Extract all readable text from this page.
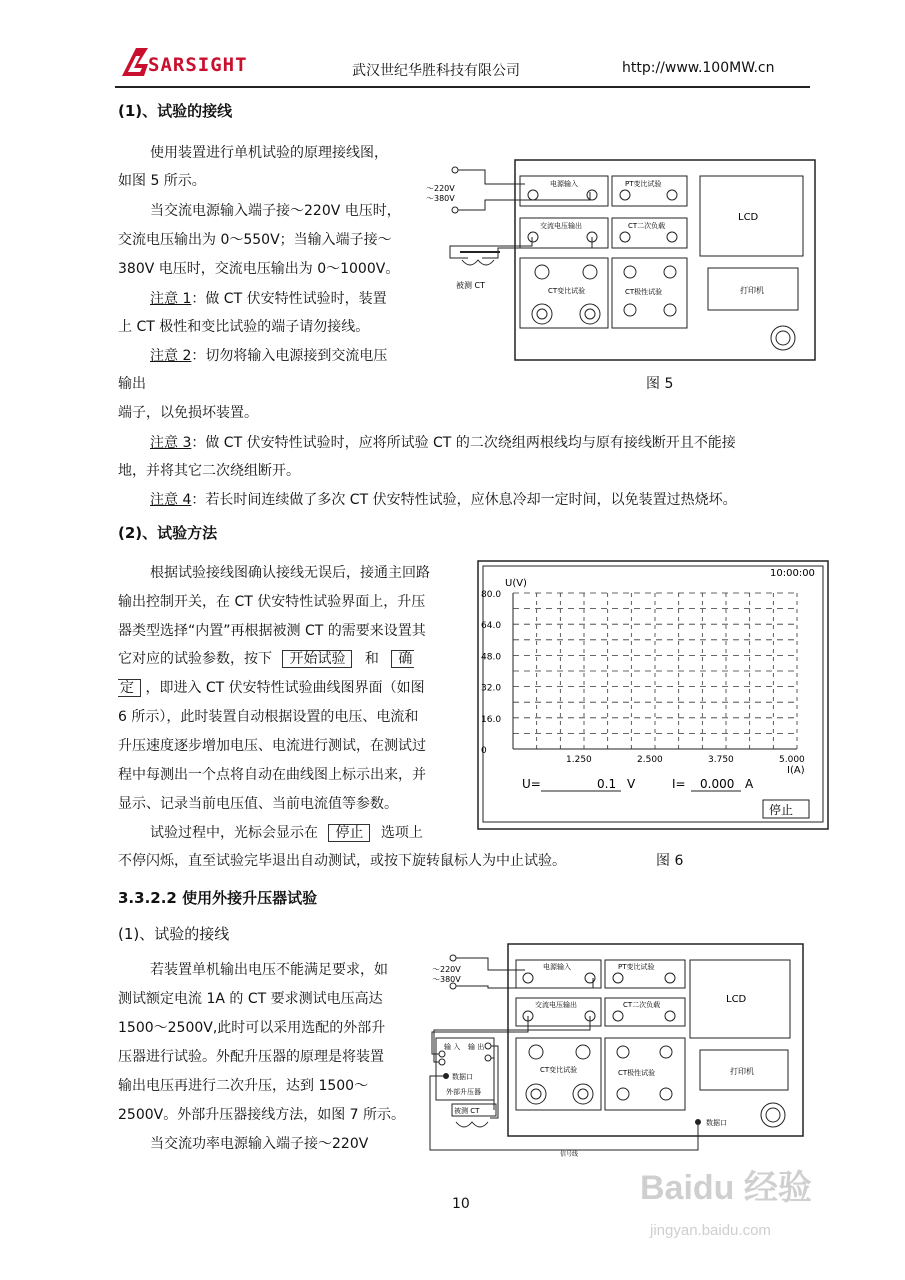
SARSIGHT	武汉世纪华胜科技有限公司	http://www.100MW.cn
(1)、试验的接线
使用装置进行单机试验的原理接线图，
如图 5 所示。
当交流电源输入端子接～220V 电压时，
交流电压输出为 0～550V；当输入端子接～
380V 电压时，交流电压输出为 0～1000V。
注意 1：做 CT 伏安特性试验时，装置
上 CT 极性和变比试验的端子请勿接线。
注意 2：切勿将输入电源接到交流电压
输出
端子，以免损坏装置。
注意 3：做 CT 伏安特性试验时，应将所试验 CT 的二次绕组两根线均与原有接线断开且不能接
地，并将其它二次绕组断开。
注意 4：若长时间连续做了多次 CT 伏安特性试验，应休息冷却一定时间，以免装置过热烧坏。
～220V
～380V
电源输入	PT变比试验
交流电压输出	CT二次负载
CT变比试验	CT极性试验
LCD
打印机
被测 CT
图 5
(2)、试验方法
根据试验接线图确认接线无误后，接通主回路
输出控制开关，在 CT 伏安特性试验界面上，升压
器类型选择“内置”再根据被测 CT 的需要来设置其
它对应的试验参数，按下 开始试验 和 确
定 ，即进入 CT 伏安特性试验曲线图界面（如图
6 所示），此时装置自动根据设置的电压、电流和
升压速度逐步增加电压、电流进行测试，在测试过
程中每测出一个点将自动在曲线图上标示出来，并
显示、记录当前电压值、当前电流值等参数。
试验过程中，光标会显示在 停止 选项上
不停闪烁，直至试验完毕退出自动测试，或按下旋转鼠标人为中止试验。	图 6
10:00:00
U(V)
80.0
64.0
48.0
32.0
16.0
0
1.250	2.500	3.750	5.000
I(A)
U=	0.1 V	I= 0.000 A
停止
3.3.2.2 使用外接升压器试验
(1)、试验的接线
若装置单机输出电压不能满足要求，如
测试额定电流 1A 的 CT 要求测试电压高达
1500～2500V,此时可以采用选配的外部升
压器进行试验。外配升压器的原理是将装置
输出电压再进行二次升压，达到 1500～
2500V。外部升压器接线方法，如图 7 所示。
当交流功率电源输入端子接～220V
～220V
～380V
电源输入	PT变比试验
交流电压输出	CT二次负载
CT变比试验	CT极性试验
LCD
打印机
输 入 输 出
数据口
外部升压器
被测 CT
数据口
信号线
10	Baidu 经验
jingyan.baidu.com
